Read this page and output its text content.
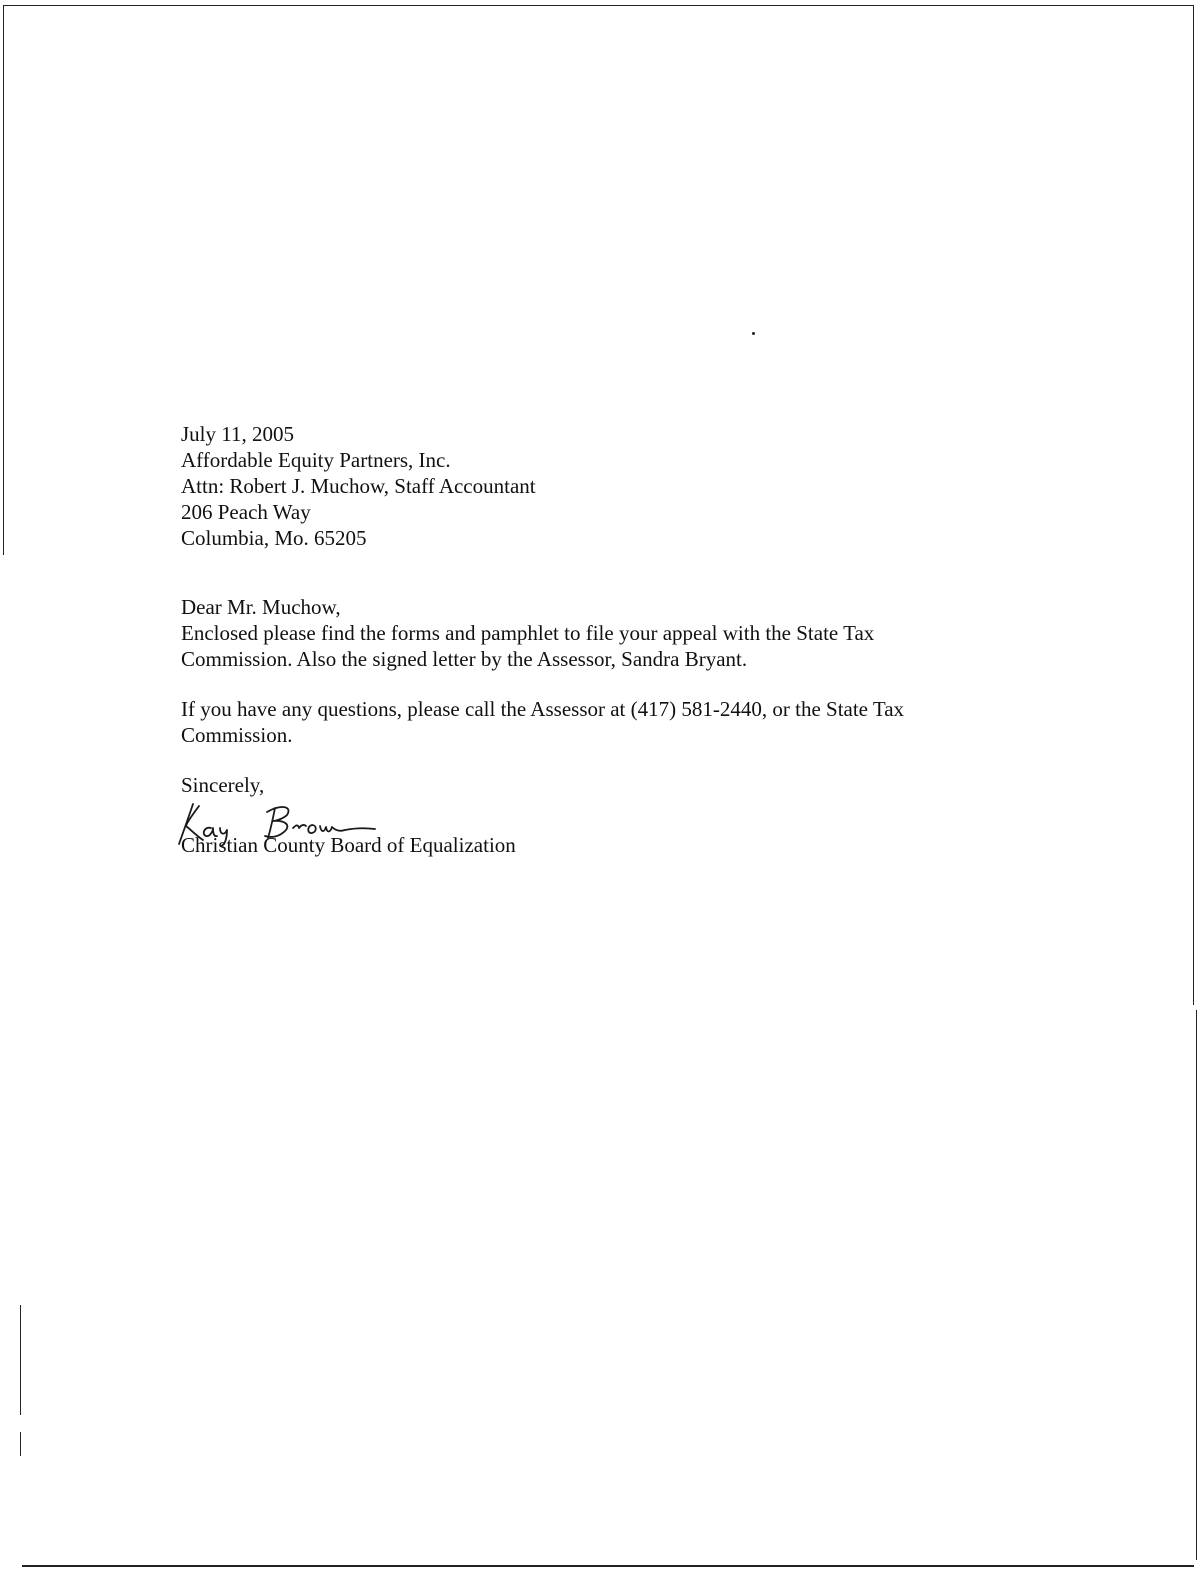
July 11, 2005

Affordable Equity Partners, Inc.

Attn: Robert J. Muchow, Staff Accountant

206 Peach Way

Columbia, Mo. 65205

Dear Mr. Muchow,

Enclosed please find the forms and pamphlet to file your appeal with the State Tax

Commission. Also the signed letter by the Assessor, Sandra Bryant.

If you have any questions, please call the Assessor at (417) 581-2440, or the State Tax

Commission.

Sincerely,

Christian County Board of Equalization
